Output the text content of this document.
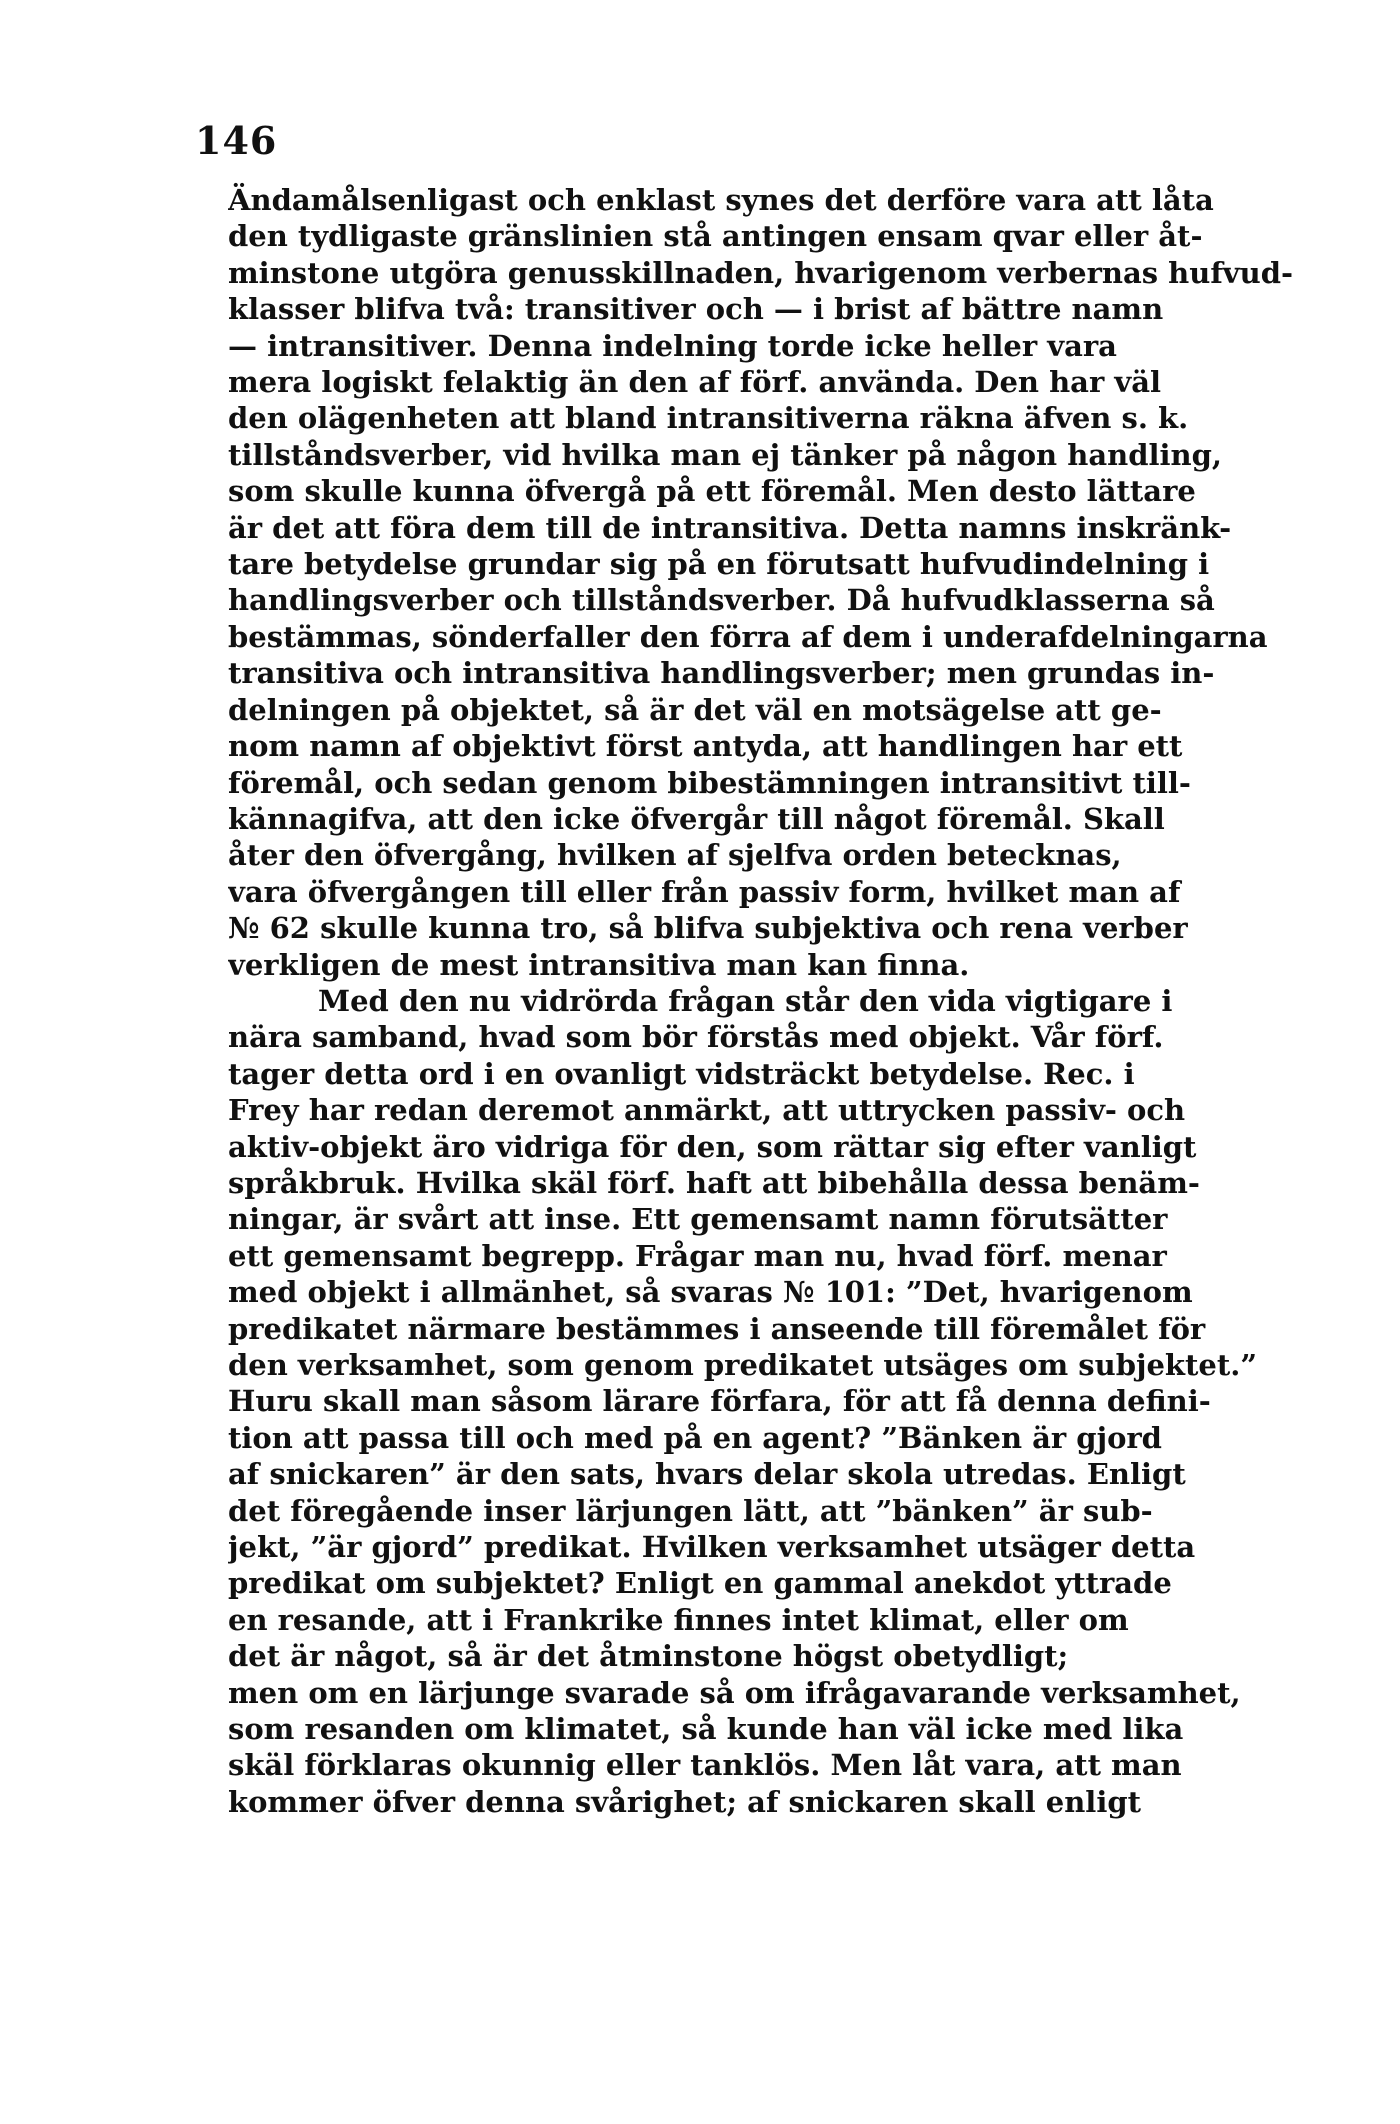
146
Ändamålsenligast och enklast synes det derföre vara att låta
den tydligaste gränslinien stå antingen ensam qvar eller åt-
minstone utgöra genusskillnaden, hvarigenom verbernas hufvud-
klasser blifva två: transitiver och — i brist af bättre namn
— intransitiver. Denna indelning torde icke heller vara
mera logiskt felaktig än den af förf. använda. Den har väl
den olägenheten att bland intransitiverna räkna äfven s. k.
tillståndsverber, vid hvilka man ej tänker på någon handling,
som skulle kunna öfvergå på ett föremål. Men desto lättare
är det att föra dem till de intransitiva. Detta namns inskränk-
tare betydelse grundar sig på en förutsatt hufvudindelning i
handlingsverber och tillståndsverber. Då hufvudklasserna så
bestämmas, sönderfaller den förra af dem i underafdelningarna
transitiva och intransitiva handlingsverber; men grundas in-
delningen på objektet, så är det väl en motsägelse att ge-
nom namn af objektivt först antyda, att handlingen har ett
föremål, och sedan genom bibestämningen intransitivt till-
kännagifva, att den icke öfvergår till något föremål. Skall
åter den öfvergång, hvilken af sjelfva orden betecknas,
vara öfvergången till eller från passiv form, hvilket man af
№ 62 skulle kunna tro, så blifva subjektiva och rena verber
verkligen de mest intransitiva man kan finna.
Med den nu vidrörda frågan står den vida vigtigare i
nära samband, hvad som bör förstås med objekt. Vår förf.
tager detta ord i en ovanligt vidsträckt betydelse. Rec. i
Frey har redan deremot anmärkt, att uttrycken passiv- och
aktiv-objekt äro vidriga för den, som rättar sig efter vanligt
språkbruk. Hvilka skäl förf. haft att bibehålla dessa benäm-
ningar, är svårt att inse. Ett gemensamt namn förutsätter
ett gemensamt begrepp. Frågar man nu, hvad förf. menar
med objekt i allmänhet, så svaras № 101: ”Det, hvarigenom
predikatet närmare bestämmes i anseende till föremålet för
den verksamhet, som genom predikatet utsäges om subjektet.”
Huru skall man såsom lärare förfara, för att få denna defini-
tion att passa till och med på en agent? ”Bänken är gjord
af snickaren” är den sats, hvars delar skola utredas. Enligt
det föregående inser lärjungen lätt, att ”bänken” är sub-
jekt, ”är gjord” predikat. Hvilken verksamhet utsäger detta
predikat om subjektet? Enligt en gammal anekdot yttrade
en resande, att i Frankrike finnes intet klimat, eller om
det är något, så är det åtminstone högst obetydligt;
men om en lärjunge svarade så om ifrågavarande verksamhet,
som resanden om klimatet, så kunde han väl icke med lika
skäl förklaras okunnig eller tanklös. Men låt vara, att man
kommer öfver denna svårighet; af snickaren skall enligt
